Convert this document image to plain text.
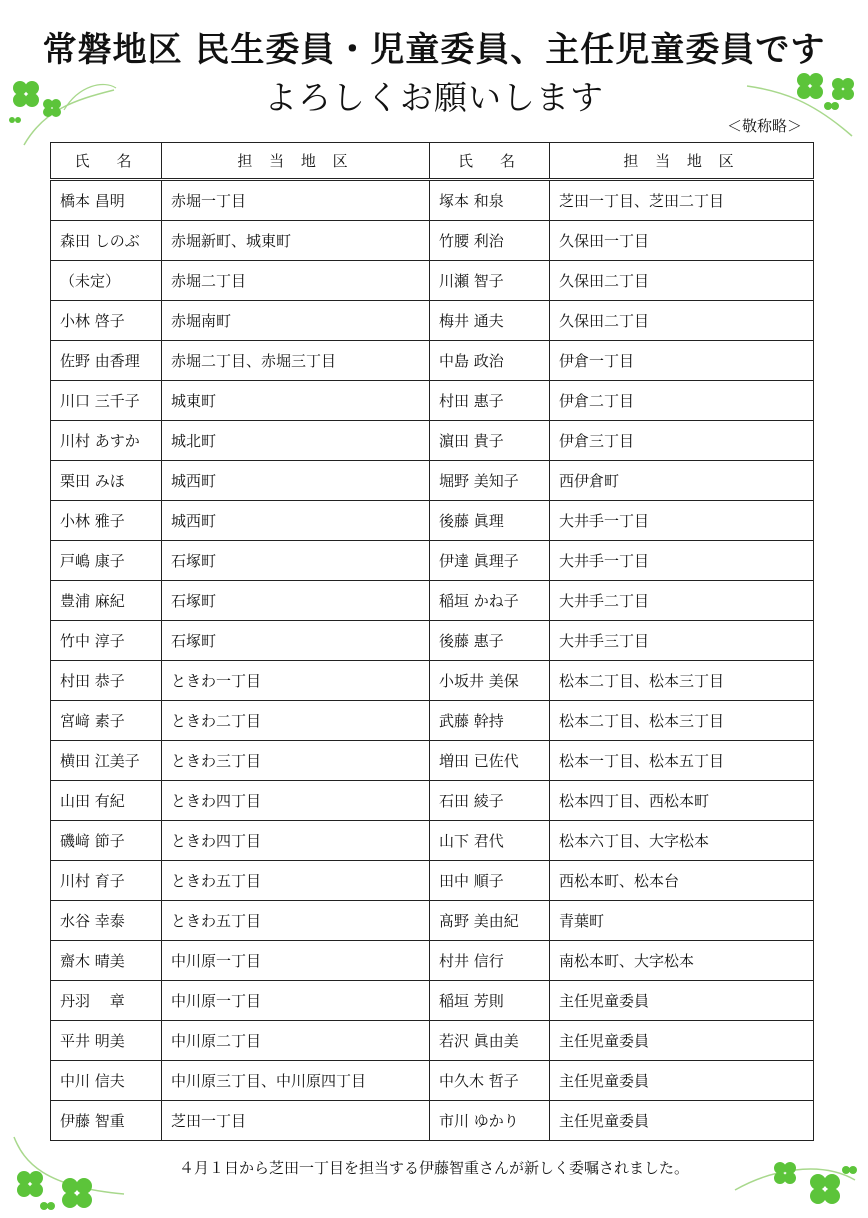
常磐地区 民生委員・児童委員、主任児童委員です
よろしくお願いします
＜敬称略＞
氏　名	担 当 地 区	氏　名	担 当 地 区
橋本 昌明	赤堀一丁目	塚本 和泉	芝田一丁目、芝田二丁目
森田 しのぶ	赤堀新町、城東町	竹腰 利治	久保田一丁目
（未定）	赤堀二丁目	川瀬 智子	久保田二丁目
小林 啓子	赤堀南町	梅井 通夫	久保田二丁目
佐野 由香理	赤堀二丁目、赤堀三丁目	中島 政治	伊倉一丁目
川口 三千子	城東町	村田 惠子	伊倉二丁目
川村 あすか	城北町	濵田 貴子	伊倉三丁目
栗田 みほ	城西町	堀野 美知子	西伊倉町
小林 雅子	城西町	後藤 眞理	大井手一丁目
戸嶋 康子	石塚町	伊達 眞理子	大井手一丁目
豊浦 麻紀	石塚町	稲垣 かね子	大井手二丁目
竹中 淳子	石塚町	後藤 惠子	大井手三丁目
村田 恭子	ときわ一丁目	小坂井 美保	松本二丁目、松本三丁目
宮﨑 素子	ときわ二丁目	武藤 幹持	松本二丁目、松本三丁目
横田 江美子	ときわ三丁目	増田 已佐代	松本一丁目、松本五丁目
山田 有紀	ときわ四丁目	石田 綾子	松本四丁目、西松本町
磯﨑 節子	ときわ四丁目	山下 君代	松本六丁目、大字松本
川村 育子	ときわ五丁目	田中 順子	西松本町、松本台
水谷 幸泰	ときわ五丁目	髙野 美由紀	青葉町
齋木 晴美	中川原一丁目	村井 信行	南松本町、大字松本
丹羽　 章	中川原一丁目	稲垣 芳則	主任児童委員
平井 明美	中川原二丁目	若沢 眞由美	主任児童委員
中川 信夫	中川原三丁目、中川原四丁目	中久木 哲子	主任児童委員
伊藤 智重	芝田一丁目	市川 ゆかり	主任児童委員
４月１日から芝田一丁目を担当する伊藤智重さんが新しく委嘱されました。
